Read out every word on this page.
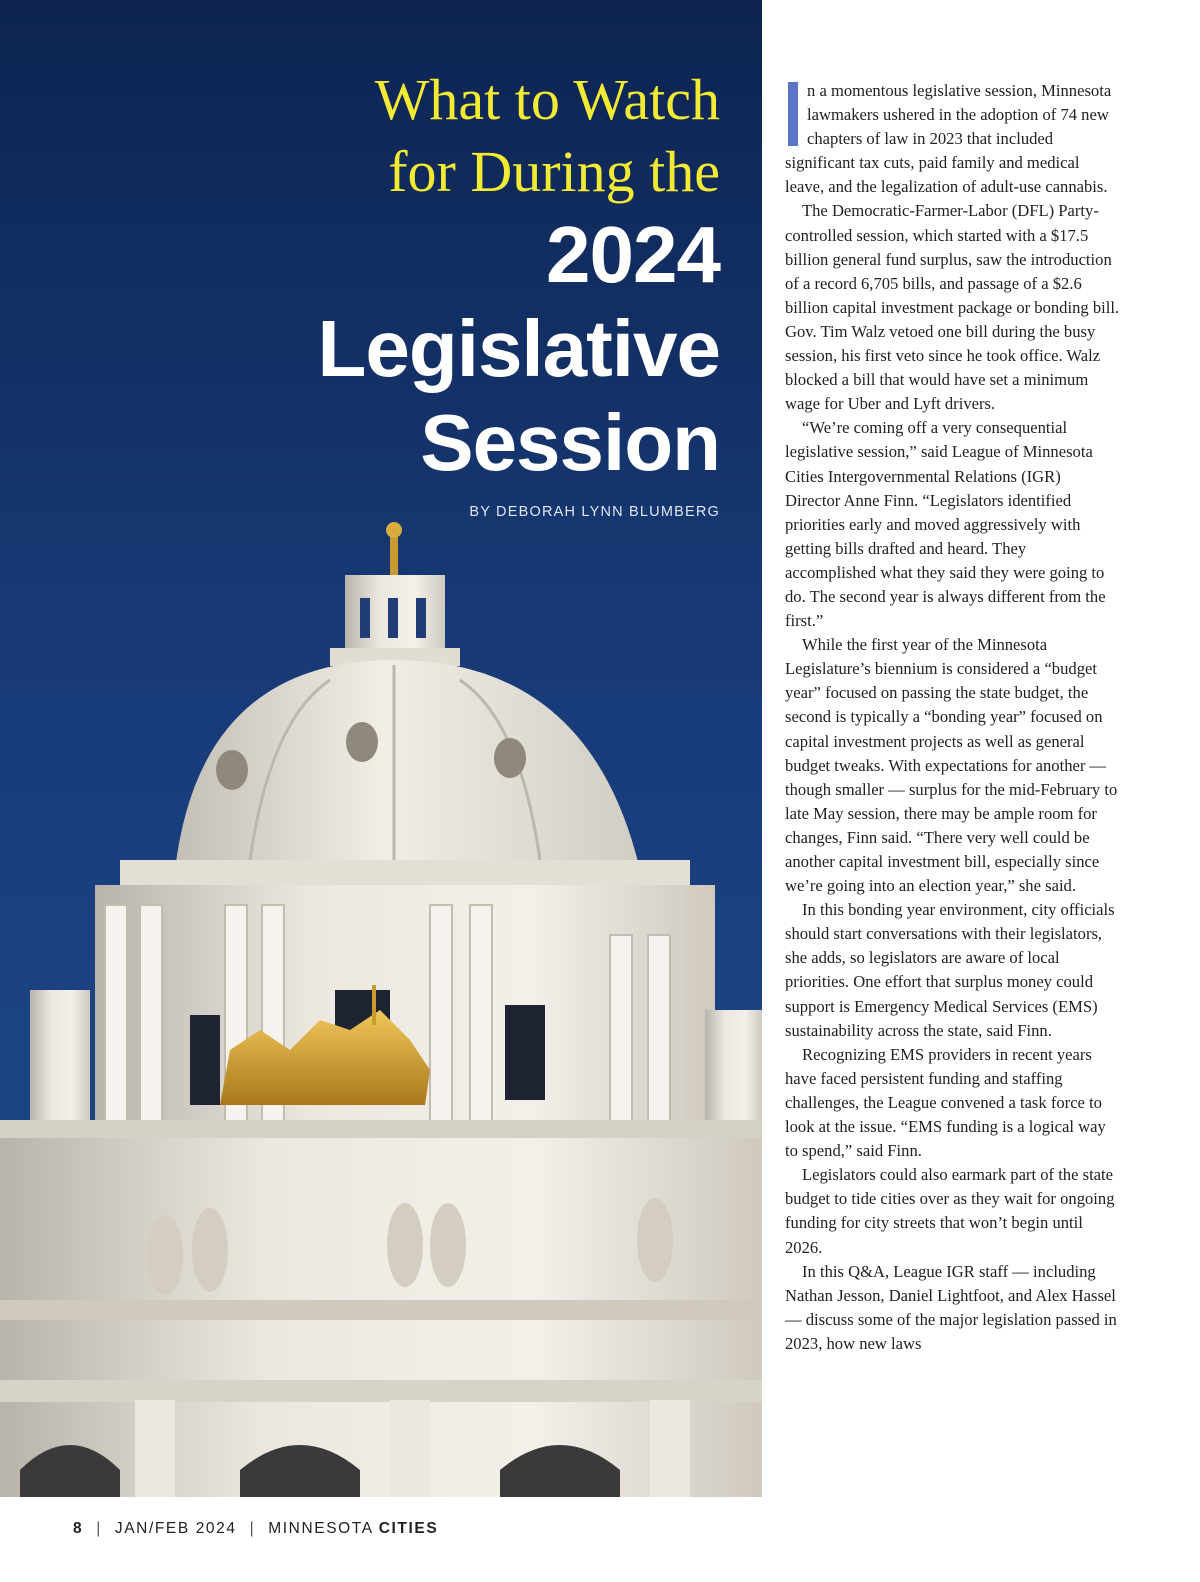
What to Watch
for During the
2024
Legislative
Session
BY DEBORAH LYNN BLUMBERG

n a momentous legislative session, Minnesota lawmakers ushered in the adoption of 74 new chapters of law in 2023 that included significant tax cuts, paid family and medical leave, and the legalization of adult-use cannabis.

The Democratic-Farmer-Labor (DFL) Party-controlled session, which started with a $17.5 billion general fund surplus, saw the introduction of a record 6,705 bills, and passage of a $2.6 billion capital investment package or bonding bill. Gov. Tim Walz vetoed one bill during the busy session, his first veto since he took office. Walz blocked a bill that would have set a minimum wage for Uber and Lyft drivers.

“We’re coming off a very consequential legislative session,” said League of Minnesota Cities Intergovernmental Relations (IGR) Director Anne Finn. “Legislators identified priorities early and moved aggressively with getting bills drafted and heard. They accomplished what they said they were going to do. The second year is always different from the first.”

While the first year of the Minnesota Legislature’s biennium is considered a “budget year” focused on passing the state budget, the second is typically a “bonding year” focused on capital investment projects as well as general budget tweaks. With expectations for another — though smaller — surplus for the mid-February to late May session, there may be ample room for changes, Finn said. “There very well could be another capital investment bill, especially since we’re going into an election year,” she said.

In this bonding year environment, city officials should start conversations with their legislators, she adds, so legislators are aware of local priorities. One effort that surplus money could support is Emergency Medical Services (EMS) sustainability across the state, said Finn.

Recognizing EMS providers in recent years have faced persistent funding and staffing challenges, the League convened a task force to look at the issue. “EMS funding is a logical way to spend,” said Finn.

Legislators could also earmark part of the state budget to tide cities over as they wait for ongoing funding for city streets that won’t begin until 2026.

In this Q&A, League IGR staff — including Nathan Jesson, Daniel Lightfoot, and Alex Hassel — discuss some of the major legislation passed in 2023, how new laws

8 | JAN/FEB 2024 | MINNESOTA CITIES
